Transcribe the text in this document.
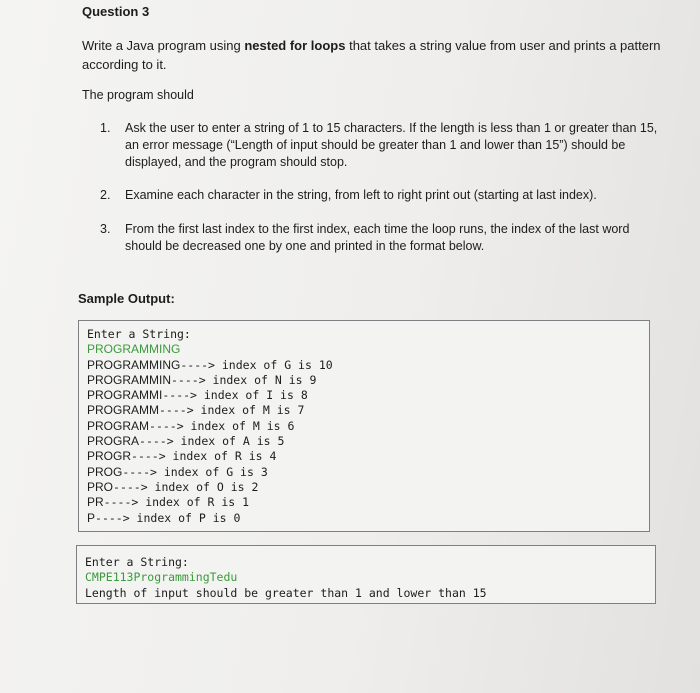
Question 3
Write a Java program using nested for loops that takes a string value from user and prints a pattern according to it.
The program should
1.	Ask the user to enter a string of 1 to 15 characters. If the length is less than 1 or greater than 15, an error message (“Length of input should be greater than 1 and lower than 15”) should be displayed, and the program should stop.
2.	Examine each character in the string, from left to right print out (starting at last index).
3.	From the first last index to the first index, each time the loop runs, the index of the last word should be decreased one by one and printed in the format below.
Sample Output:
Enter a String:
PROGRAMMING
PROGRAMMING----> index of G is 10
PROGRAMMIN----> index of N is 9
PROGRAMMI----> index of I is 8
PROGRAMM----> index of M is 7
PROGRAM----> index of M is 6
PROGRA----> index of A is 5
PROGR----> index of R is 4
PROG----> index of G is 3
PRO----> index of O is 2
PR----> index of R is 1
P----> index of P is 0
Enter a String:
CMPE113ProgrammingTedu
Length of input should be greater than 1 and lower than 15
